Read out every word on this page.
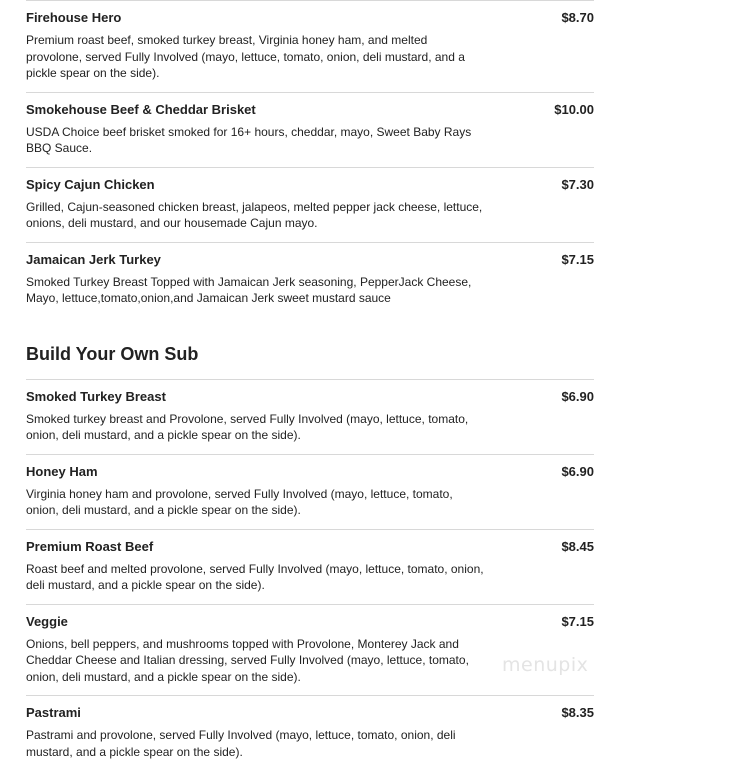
Firehouse Hero	$8.70
Premium roast beef, smoked turkey breast, Virginia honey ham, and melted provolone, served Fully Involved (mayo, lettuce, tomato, onion, deli mustard, and a pickle spear on the side).
Smokehouse Beef & Cheddar Brisket	$10.00
USDA Choice beef brisket smoked for 16+ hours, cheddar, mayo, Sweet Baby Rays BBQ Sauce.
Spicy Cajun Chicken	$7.30
Grilled, Cajun-seasoned chicken breast, jalapeos, melted pepper jack cheese, lettuce, onions, deli mustard, and our housemade Cajun mayo.
Jamaican Jerk Turkey	$7.15
Smoked Turkey Breast Topped with Jamaican Jerk seasoning, PepperJack Cheese, Mayo, lettuce,tomato,onion,and Jamaican Jerk sweet mustard sauce
Build Your Own Sub
Smoked Turkey Breast	$6.90
Smoked turkey breast and Provolone, served Fully Involved (mayo, lettuce, tomato, onion, deli mustard, and a pickle spear on the side).
Honey Ham	$6.90
Virginia honey ham and provolone, served Fully Involved (mayo, lettuce, tomato, onion, deli mustard, and a pickle spear on the side).
Premium Roast Beef	$8.45
Roast beef and melted provolone, served Fully Involved (mayo, lettuce, tomato, onion, deli mustard, and a pickle spear on the side).
Veggie	$7.15
Onions, bell peppers, and mushrooms topped with Provolone, Monterey Jack and Cheddar Cheese and Italian dressing, served Fully Involved (mayo, lettuce, tomato, onion, deli mustard, and a pickle spear on the side).
Pastrami	$8.35
Pastrami and provolone, served Fully Involved (mayo, lettuce, tomato, onion, deli mustard, and a pickle spear on the side).
menupix
